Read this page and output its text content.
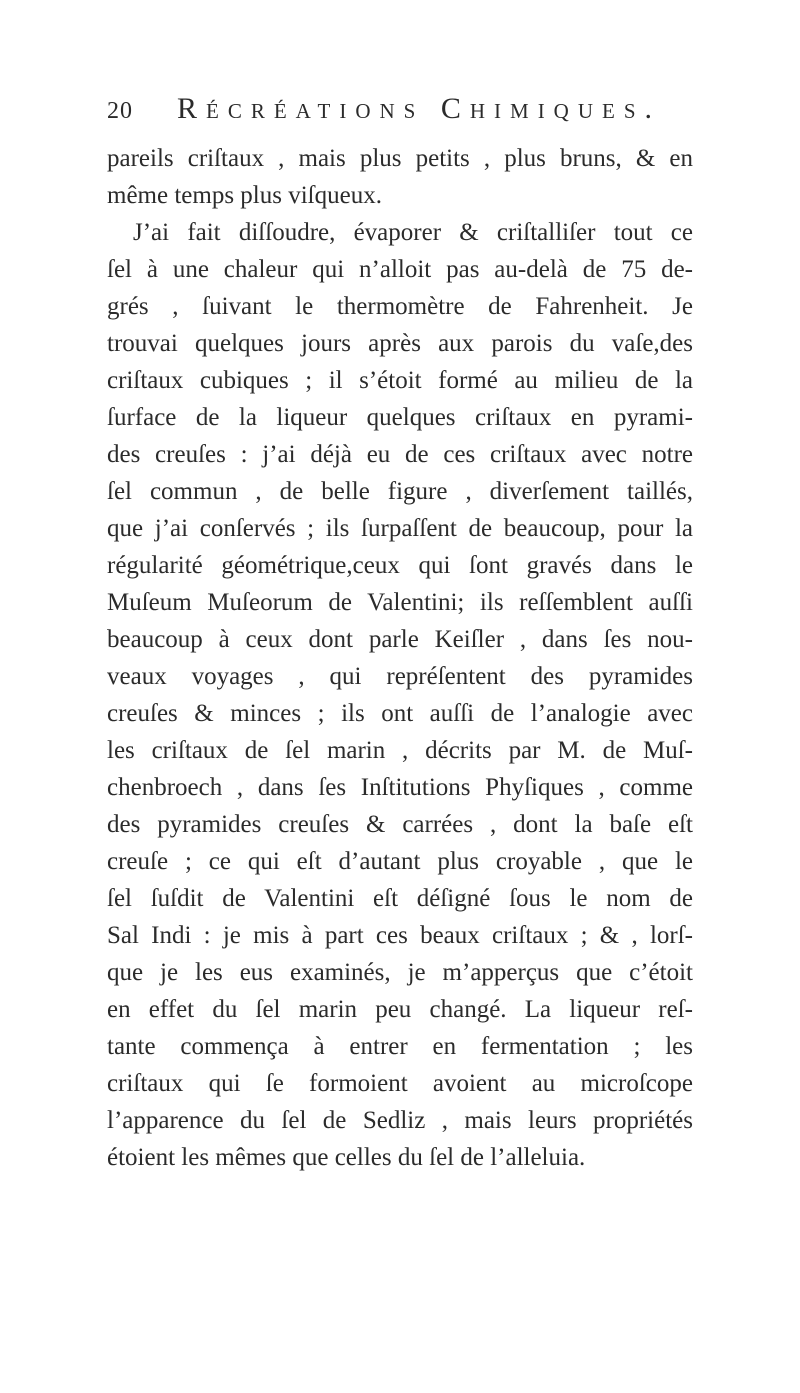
20 Récréations Chimiques.
pareils criſtaux , mais plus petits , plus bruns, & en
même temps plus viſqueux.
J’ai fait diſſoudre, évaporer & criſtalliſer tout ce
ſel à une chaleur qui n’alloit pas au-delà de 75 de-
grés , ſuivant le thermomètre de Fahrenheit. Je
trouvai quelques jours après aux parois du vaſe,des
criſtaux cubiques ; il s’étoit formé au milieu de la
ſurface de la liqueur quelques criſtaux en pyrami-
des creuſes : j’ai déjà eu de ces criſtaux avec notre
ſel commun , de belle figure , diverſement taillés,
que j’ai conſervés ; ils ſurpaſſent de beaucoup, pour la
régularité géométrique,ceux qui ſont gravés dans le
Muſeum Muſeorum de Valentini; ils reſſemblent auſſi
beaucoup à ceux dont parle Keiſler , dans ſes nou-
veaux voyages , qui repréſentent des pyramides
creuſes & minces ; ils ont auſſi de l’analogie avec
les criſtaux de ſel marin , décrits par M. de Muſ-
chenbroech , dans ſes Inſtitutions Phyſiques , comme
des pyramides creuſes & carrées , dont la baſe eſt
creuſe ; ce qui eſt d’autant plus croyable , que le
ſel ſuſdit de Valentini eſt déſigné ſous le nom de
Sal Indi : je mis à part ces beaux criſtaux ; & , lorſ-
que je les eus examinés, je m’apperçus que c’étoit
en effet du ſel marin peu changé. La liqueur reſ-
tante commença à entrer en fermentation ; les
criſtaux qui ſe formoient avoient au microſcope
l’apparence du ſel de Sedliz , mais leurs propriétés
étoient les mêmes que celles du ſel de l’alleluia.
